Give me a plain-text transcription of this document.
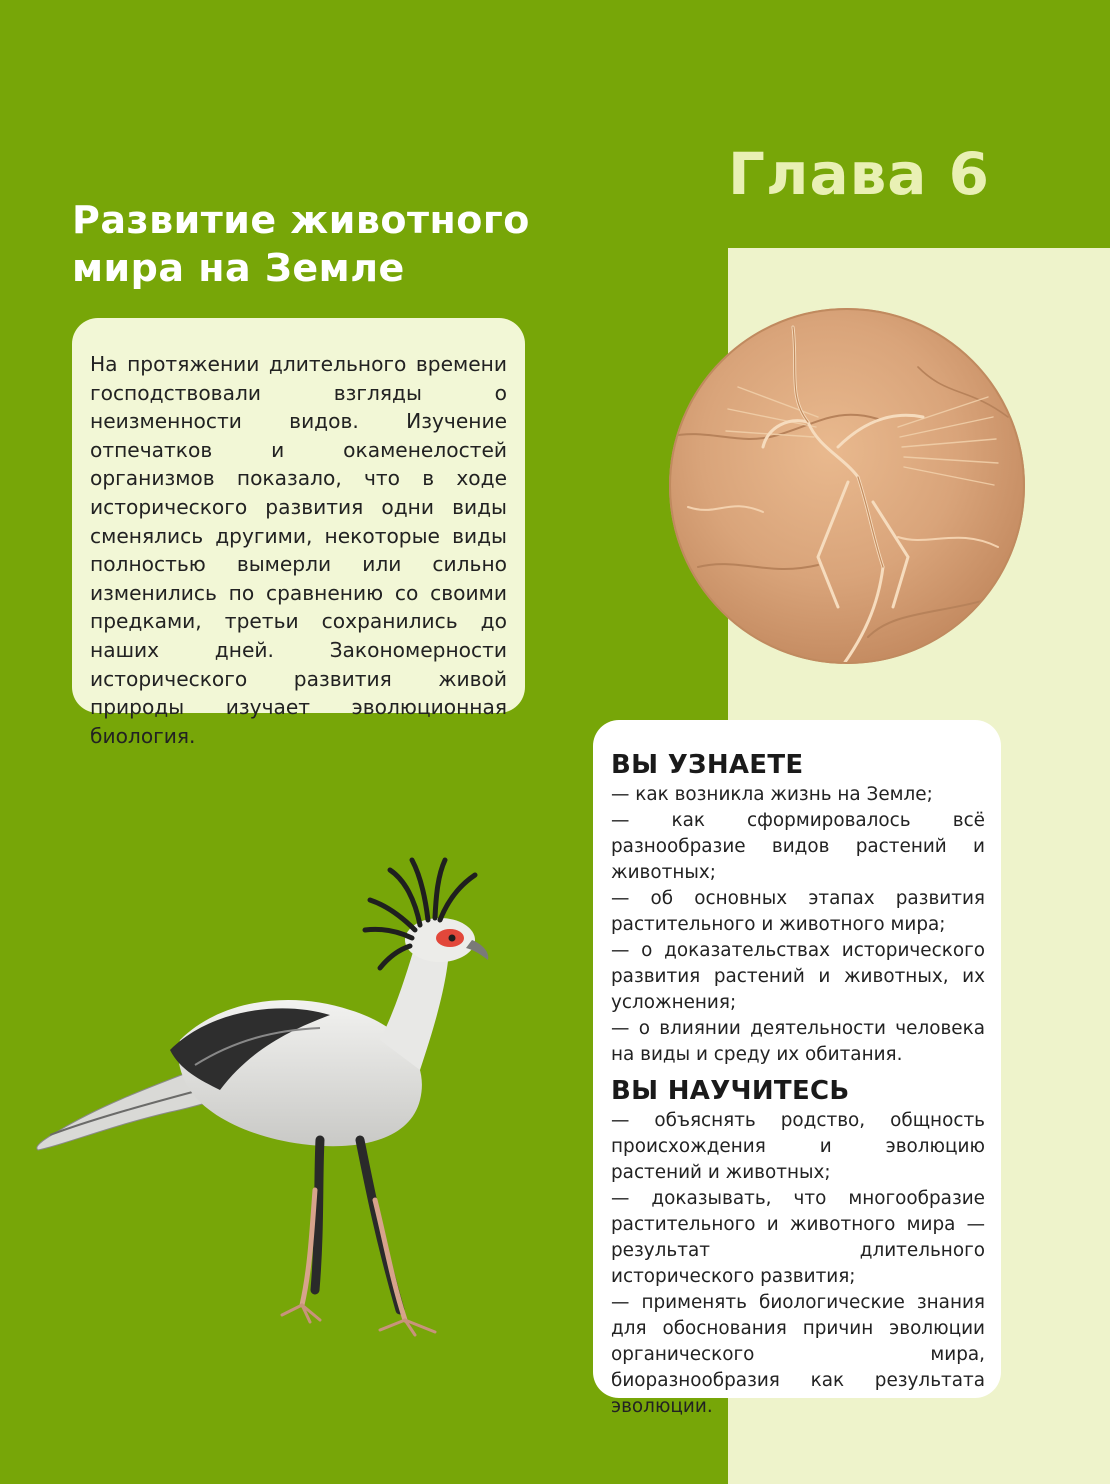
Глава 6
Развитие животного
мира на Земле

На протяжении длительного времени господствовали взгляды о неизменности видов. Изучение отпечатков и окаменелостей организмов показало, что в ходе исторического развития одни виды сменялись другими, некоторые виды полностью вымерли или сильно изменились по сравнению со своими предками, третьи сохранились до наших дней. Закономерности исторического развития живой природы изучает эволюционная биология.

ВЫ УЗНАЕТЕ
— как возникла жизнь на Земле;
— как сформировалось всё разнообразие видов растений и животных;
— об основных этапах развития растительного и животного мира;
— о доказательствах исторического развития растений и животных, их усложнения;
— о влиянии деятельности человека на виды и среду их обитания.
ВЫ НАУЧИТЕСЬ
— объяснять родство, общность происхождения и эволюцию растений и животных;
— доказывать, что многообразие растительного и животного мира — результат длительного исторического развития;
— применять биологические знания для обоснования причин эволюции органического мира, биоразнообразия как результата эволюции.
